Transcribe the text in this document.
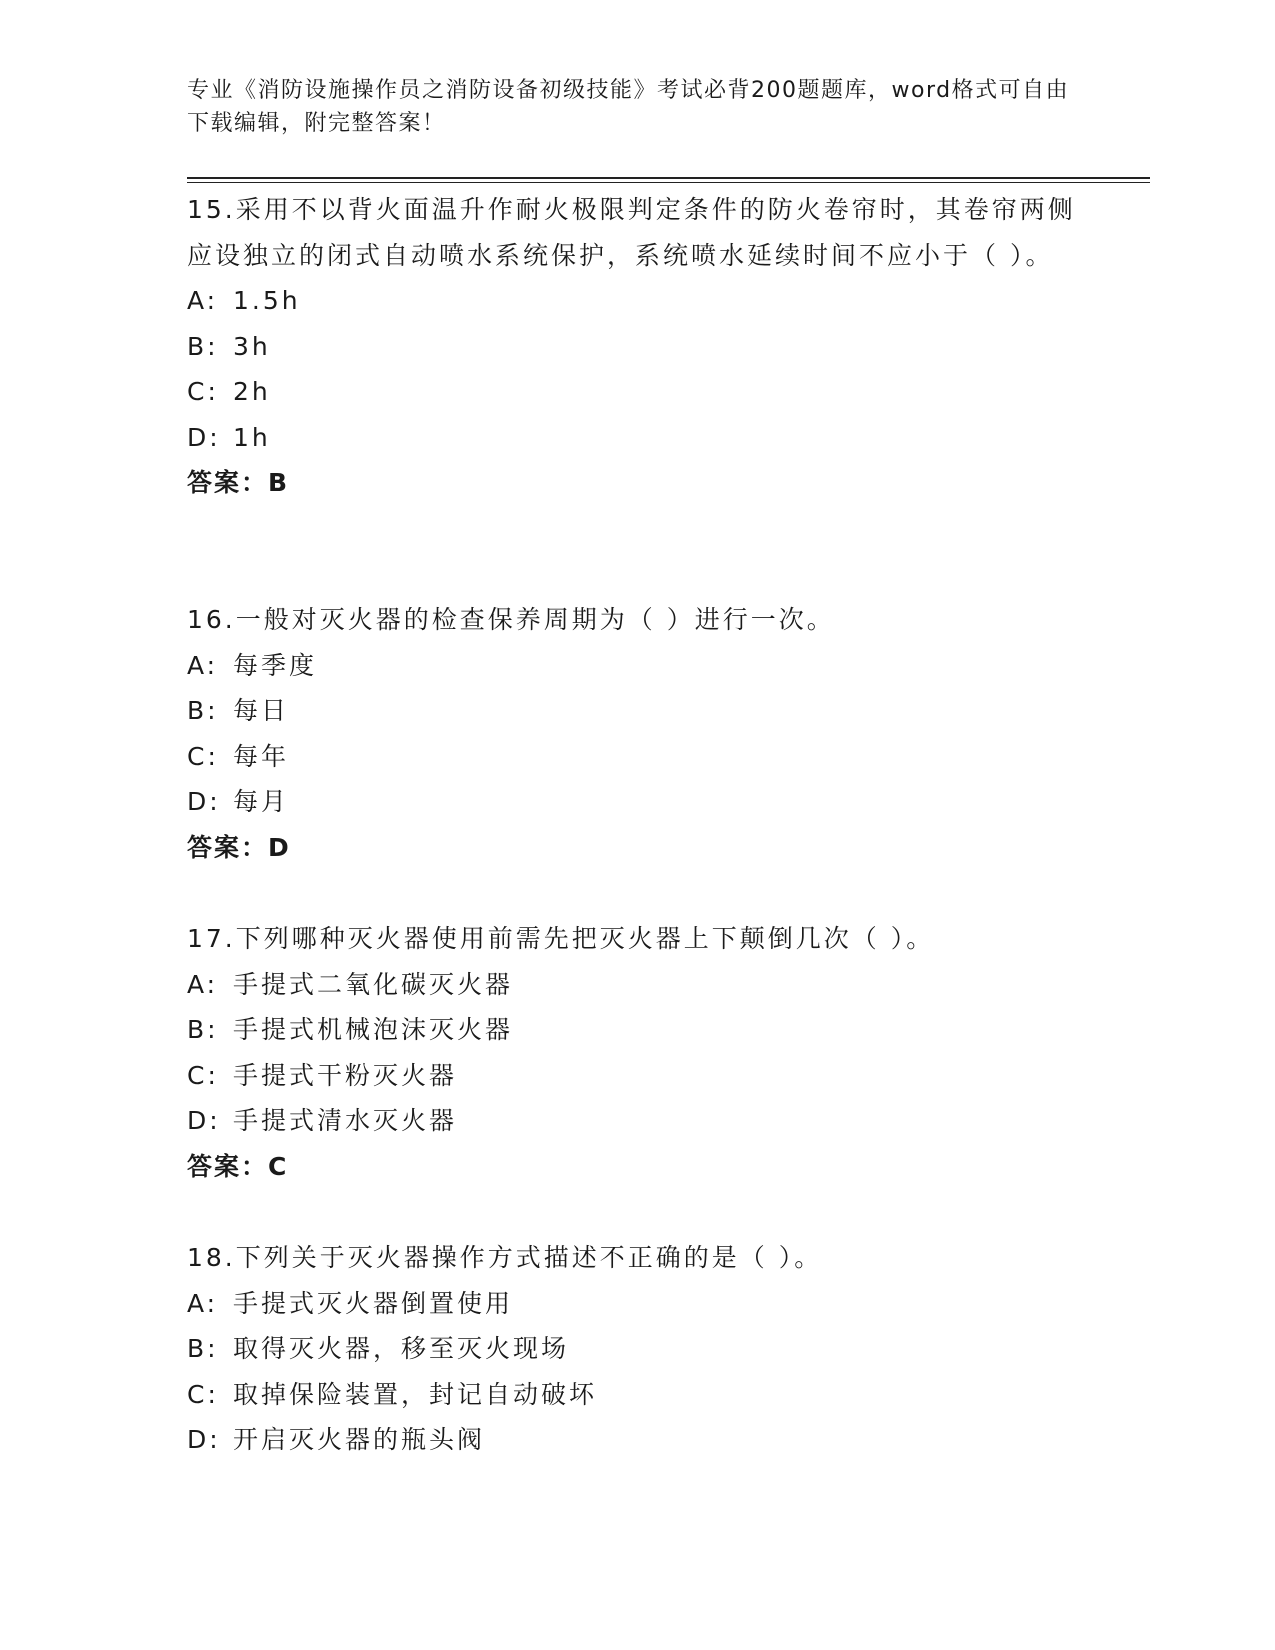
专业《消防设施操作员之消防设备初级技能》考试必背200题题库，word格式可自由下载编辑，附完整答案！
15.采用不以背火面温升作耐火极限判定条件的防火卷帘时，其卷帘两侧应设独立的闭式自动喷水系统保护，系统喷水延续时间不应小于（ ）。
A: 1.5h
B: 3h
C: 2h
D: 1h
答案：B
16.一般对灭火器的检查保养周期为（ ）进行一次。
A: 每季度
B: 每日
C: 每年
D: 每月
答案：D
17.下列哪种灭火器使用前需先把灭火器上下颠倒几次（ ）。
A: 手提式二氧化碳灭火器
B: 手提式机械泡沫灭火器
C: 手提式干粉灭火器
D: 手提式清水灭火器
答案：C
18.下列关于灭火器操作方式描述不正确的是（ ）。
A: 手提式灭火器倒置使用
B: 取得灭火器，移至灭火现场
C: 取掉保险装置，封记自动破坏
D: 开启灭火器的瓶头阀
